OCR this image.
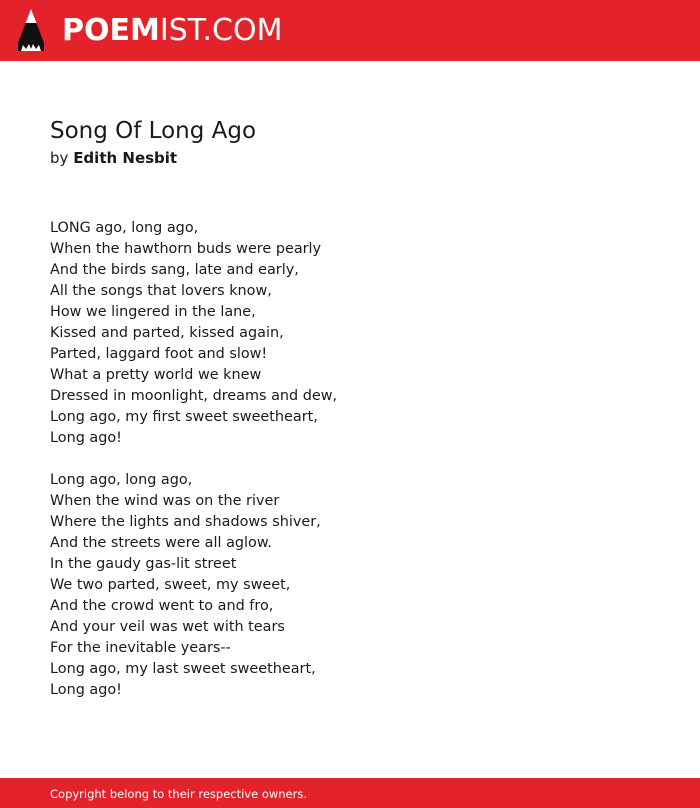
POEMIST.COM
Song Of Long Ago
by Edith Nesbit
LONG ago, long ago,
When the hawthorn buds were pearly
And the birds sang, late and early,
All the songs that lovers know,
How we lingered in the lane,
Kissed and parted, kissed again,
Parted, laggard foot and slow!
What a pretty world we knew
Dressed in moonlight, dreams and dew,
Long ago, my first sweet sweetheart,
Long ago!
Long ago, long ago,
When the wind was on the river
Where the lights and shadows shiver,
And the streets were all aglow.
In the gaudy gas-lit street
We two parted, sweet, my sweet,
And the crowd went to and fro,
And your veil was wet with tears
For the inevitable years--
Long ago, my last sweet sweetheart,
Long ago!
Copyright belong to their respective owners.
